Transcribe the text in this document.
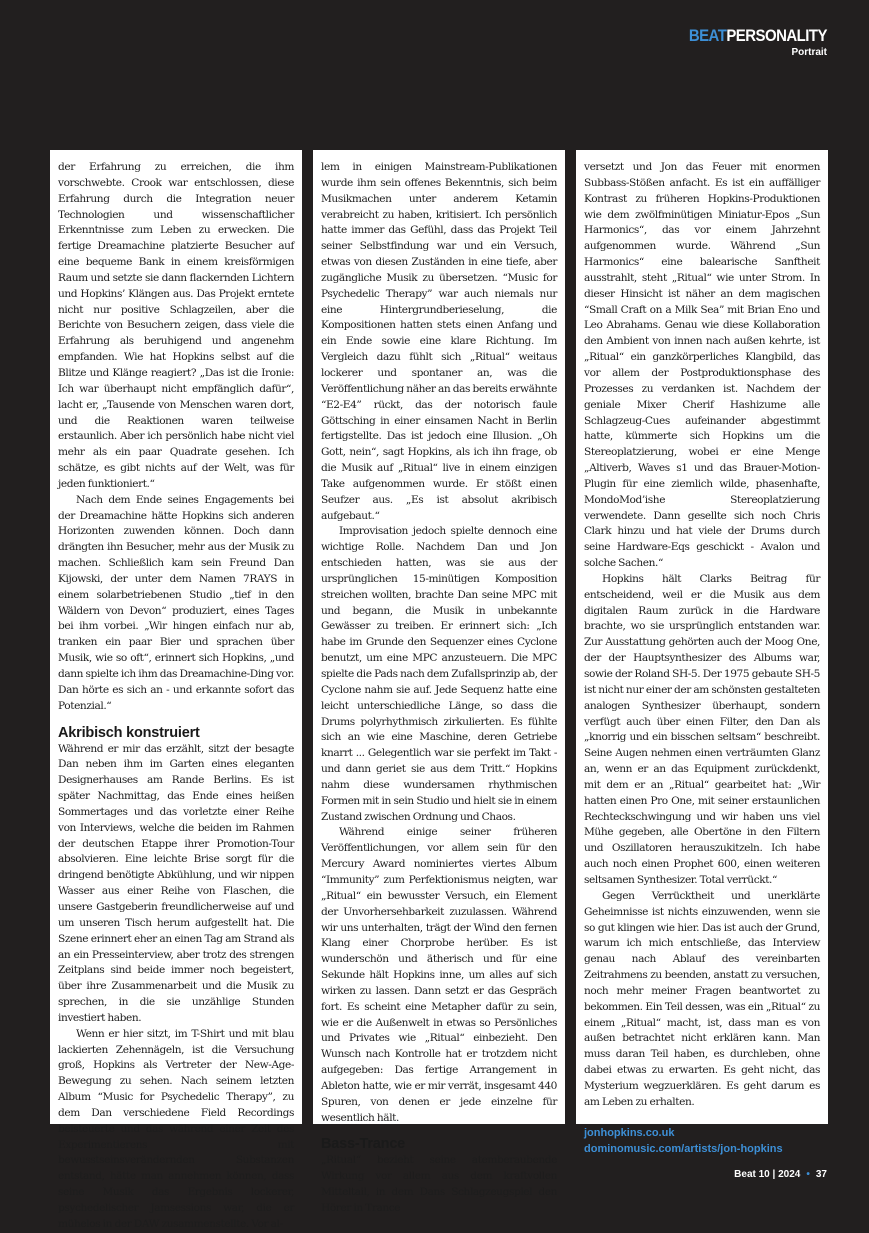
BEATPERSONALITY
Portrait

der Erfahrung zu erreichen, die ihm vorschwebte. Crook war entschlossen, diese Erfahrung durch die Integration neuer Technologien und wissenschaftlicher Erkenntnisse zum Leben zu erwecken. Die fertige Dreamachine platzierte Besucher auf eine bequeme Bank in einem kreisförmigen Raum und setzte sie dann flackernden Lichtern und Hopkins’ Klängen aus. Das Projekt erntete nicht nur positive Schlagzeilen, aber die Berichte von Besuchern zeigen, dass viele die Erfahrung als beruhigend und angenehm empfanden. Wie hat Hopkins selbst auf die Blitze und Klänge reagiert? „Das ist die Ironie: Ich war überhaupt nicht empfänglich dafür“, lacht er, „Tausende von Menschen waren dort, und die Reaktionen waren teilweise erstaunlich. Aber ich persönlich habe nicht viel mehr als ein paar Quadrate gesehen. Ich schätze, es gibt nichts auf der Welt, was für jeden funktioniert.“

Nach dem Ende seines Engagements bei der Dreamachine hätte Hopkins sich anderen Horizonten zuwenden können. Doch dann drängten ihn Besucher, mehr aus der Musik zu machen. Schließlich kam sein Freund Dan Kijowski, der unter dem Namen 7RAYS in einem solarbetriebenen Studio „tief in den Wäldern von Devon“ produziert, eines Tages bei ihm vorbei. „Wir hingen einfach nur ab, tranken ein paar Bier und sprachen über Musik, wie so oft“, erinnert sich Hopkins, „und dann spielte ich ihm das Dreamachine-Ding vor. Dan hörte es sich an - und erkannte sofort das Potenzial.“

Akribisch konstruiert

Während er mir das erzählt, sitzt der besagte Dan neben ihm im Garten eines eleganten Designerhauses am Rande Berlins. Es ist später Nachmittag, das Ende eines heißen Sommertages und das vorletzte einer Reihe von Interviews, welche die beiden im Rahmen der deutschen Etappe ihrer Promotion-Tour absolvieren. Eine leichte Brise sorgt für die dringend benötigte Abkühlung, und wir nippen Wasser aus einer Reihe von Flaschen, die unsere Gastgeberin freundlicherweise auf und um unseren Tisch herum aufgestellt hat. Die Szene erinnert eher an einen Tag am Strand als an ein Presseinterview, aber trotz des strengen Zeitplans sind beide immer noch begeistert, über ihre Zusammenarbeit und die Musik zu sprechen, in die sie unzählige Stunden investiert haben.

Wenn er hier sitzt, im T-Shirt und mit blau lackierten Zehennägeln, ist die Versuchung groß, Hopkins als Vertreter der New-Age-Bewegung zu sehen. Nach seinem letzten Album “Music for Psychedelic Therapy”, zu dem Dan verschiedene Field Recordings beisteuerte und das während einer Zeit des Experimentierens mit bewusstseinsverändernden Substanzen entstand, hätte man annehmen können, dass seine Musik das Ergebnis lockerer, psychedelischer Jamsessions war, die er mühelos in der DAW zusammenstellte. Vor al-

lem in einigen Mainstream-Publikationen wurde ihm sein offenes Bekenntnis, sich beim Musikmachen unter anderem Ketamin verabreicht zu haben, kritisiert. Ich persönlich hatte immer das Gefühl, dass das Projekt Teil seiner Selbstfindung war und ein Versuch, etwas von diesen Zuständen in eine tiefe, aber zugängliche Musik zu übersetzen. “Music for Psychedelic Therapy” war auch niemals nur eine Hintergrundberieselung, die Kompositionen hatten stets einen Anfang und ein Ende sowie eine klare Richtung. Im Vergleich dazu fühlt sich „Ritual“ weitaus lockerer und spontaner an, was die Veröffentlichung näher an das bereits erwähnte “E2-E4” rückt, das der notorisch faule Göttsching in einer einsamen Nacht in Berlin fertigstellte. Das ist jedoch eine Illusion. „Oh Gott, nein“, sagt Hopkins, als ich ihn frage, ob die Musik auf „Ritual“ live in einem einzigen Take aufgenommen wurde. Er stößt einen Seufzer aus. „Es ist absolut akribisch aufgebaut.“

Improvisation jedoch spielte dennoch eine wichtige Rolle. Nachdem Dan und Jon entschieden hatten, was sie aus der ursprünglichen 15-minütigen Komposition streichen wollten, brachte Dan seine MPC mit und begann, die Musik in unbekannte Gewässer zu treiben. Er erinnert sich: „Ich habe im Grunde den Sequenzer eines Cyclone benutzt, um eine MPC anzusteuern. Die MPC spielte die Pads nach dem Zufallsprinzip ab, der Cyclone nahm sie auf. Jede Sequenz hatte eine leicht unterschiedliche Länge, so dass die Drums polyrhythmisch zirkulierten. Es fühlte sich an wie eine Maschine, deren Getriebe knarrt ... Gelegentlich war sie perfekt im Takt - und dann geriet sie aus dem Tritt.“ Hopkins nahm diese wundersamen rhythmischen Formen mit in sein Studio und hielt sie in einem Zustand zwischen Ordnung und Chaos.

Während einige seiner früheren Veröffentlichungen, vor allem sein für den Mercury Award nominiertes viertes Album “Immunity” zum Perfektionismus neigten, war „Ritual“ ein bewusster Versuch, ein Element der Unvorhersehbarkeit zuzulassen. Während wir uns unterhalten, trägt der Wind den fernen Klang einer Chorprobe herüber. Es ist wunderschön und ätherisch und für eine Sekunde hält Hopkins inne, um alles auf sich wirken zu lassen. Dann setzt er das Gespräch fort. Es scheint eine Metapher dafür zu sein, wie er die Außenwelt in etwas so Persönliches und Privates wie „Ritual“ einbezieht. Den Wunsch nach Kontrolle hat er trotzdem nicht aufgegeben: Das fertige Arrangement in Ableton hatte, wie er mir verrät, insgesamt 440 Spuren, von denen er jede einzelne für wesentlich hält.

Bass-Trance

„Ritual“ bezieht seine atemberaubende Wirkung vor allem aus dem kraftvollen Mitteltail, in dem Dans Schlagzeugspiel den Hörer in Trance

versetzt und Jon das Feuer mit enormen Subbass-Stößen anfacht. Es ist ein auffälliger Kontrast zu früheren Hopkins-Produktionen wie dem zwölfminütigen Miniatur-Epos „Sun Harmonics“, das vor einem Jahrzehnt aufgenommen wurde. Während „Sun Harmonics“ eine balearische Sanftheit ausstrahlt, steht „Ritual“ wie unter Strom. In dieser Hinsicht ist näher an dem magischen “Small Craft on a Milk Sea” mit Brian Eno und Leo Abrahams. Genau wie diese Kollaboration den Ambient von innen nach außen kehrte, ist „Ritual“ ein ganzkörperliches Klangbild, das vor allem der Postproduktionsphase des Prozesses zu verdanken ist. Nachdem der geniale Mixer Cherif Hashizume alle Schlagzeug-Cues aufeinander abgestimmt hatte, kümmerte sich Hopkins um die Stereoplatzierung, wobei er eine Menge „Altiverb, Waves s1 und das Brauer-Motion-Plugin für eine ziemlich wilde, phasenhafte, MondoMod’ishe Stereoplatzierung verwendete. Dann gesellte sich noch Chris Clark hinzu und hat viele der Drums durch seine Hardware-Eqs geschickt - Avalon und solche Sachen.“

Hopkins hält Clarks Beitrag für entscheidend, weil er die Musik aus dem digitalen Raum zurück in die Hardware brachte, wo sie ursprünglich entstanden war. Zur Ausstattung gehörten auch der Moog One, der der Hauptsynthesizer des Albums war, sowie der Roland SH-5. Der 1975 gebaute SH-5 ist nicht nur einer der am schönsten gestalteten analogen Synthesizer überhaupt, sondern verfügt auch über einen Filter, den Dan als „knorrig und ein bisschen seltsam“ beschreibt. Seine Augen nehmen einen verträumten Glanz an, wenn er an das Equipment zurückdenkt, mit dem er an „Ritual“ gearbeitet hat: „Wir hatten einen Pro One, mit seiner erstaunlichen Rechteckschwingung und wir haben uns viel Mühe gegeben, alle Obertöne in den Filtern und Oszillatoren herauszukitzeln. Ich habe auch noch einen Prophet 600, einen weiteren seltsamen Synthesizer. Total verrückt.“

Gegen Verrücktheit und unerklärte Geheimnisse ist nichts einzuwenden, wenn sie so gut klingen wie hier. Das ist auch der Grund, warum ich mich entschließe, das Interview genau nach Ablauf des vereinbarten Zeitrahmens zu beenden, anstatt zu versuchen, noch mehr meiner Fragen beantwortet zu bekommen. Ein Teil dessen, was ein „Ritual“ zu einem „Ritual“ macht, ist, dass man es von außen betrachtet nicht erklären kann. Man muss daran Teil haben, es durchleben, ohne dabei etwas zu erwarten. Es geht nicht, das Mysterium wegzuerklären. Es geht darum es am Leben zu erhalten.

jonhopkins.co.uk
dominomusic.com/artists/jon-hopkins
Beat 10 | 2024 • 37
